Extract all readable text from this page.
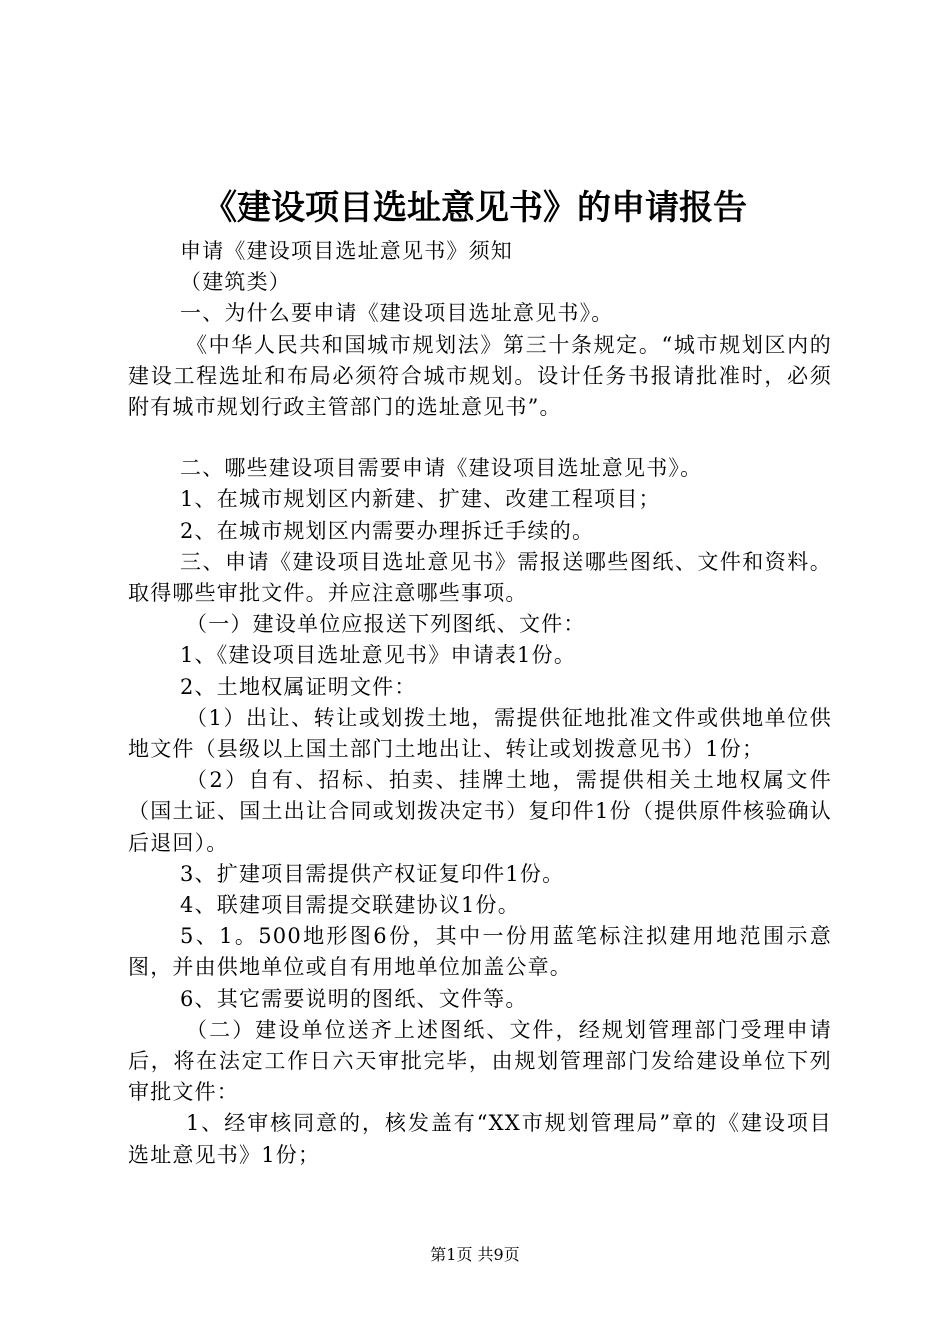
《建设项目选址意见书》的申请报告

申请《建设项目选址意见书》须知

（建筑类）

一、为什么要申请《建设项目选址意见书》。

《中华人民共和国城市规划法》第三十条规定。“城市规划区内的建设工程选址和布局必须符合城市规划。设计任务书报请批准时，必须附有城市规划行政主管部门的选址意见书”。

二、哪些建设项目需要申请《建设项目选址意见书》。

1、在城市规划区内新建、扩建、改建工程项目；

2、在城市规划区内需要办理拆迁手续的。

三、申请《建设项目选址意见书》需报送哪些图纸、文件和资料。取得哪些审批文件。并应注意哪些事项。

（一）建设单位应报送下列图纸、文件：

1、《建设项目选址意见书》申请表1份。

2、土地权属证明文件：

（1）出让、转让或划拨土地，需提供征地批准文件或供地单位供地文件（县级以上国土部门土地出让、转让或划拨意见书）1份；

（2）自有、招标、拍卖、挂牌土地，需提供相关土地权属文件（国土证、国土出让合同或划拨决定书）复印件1份（提供原件核验确认后退回）。

3、扩建项目需提供产权证复印件1份。

4、联建项目需提交联建协议1份。

5、1。500地形图6份，其中一份用蓝笔标注拟建用地范围示意图，并由供地单位或自有用地单位加盖公章。

6、其它需要说明的图纸、文件等。

（二）建设单位送齐上述图纸、文件，经规划管理部门受理申请后，将在法定工作日六天审批完毕，由规划管理部门发给建设单位下列审批文件：

1、经审核同意的，核发盖有“XX市规划管理局”章的《建设项目选址意见书》1份；

第1页 共9页
